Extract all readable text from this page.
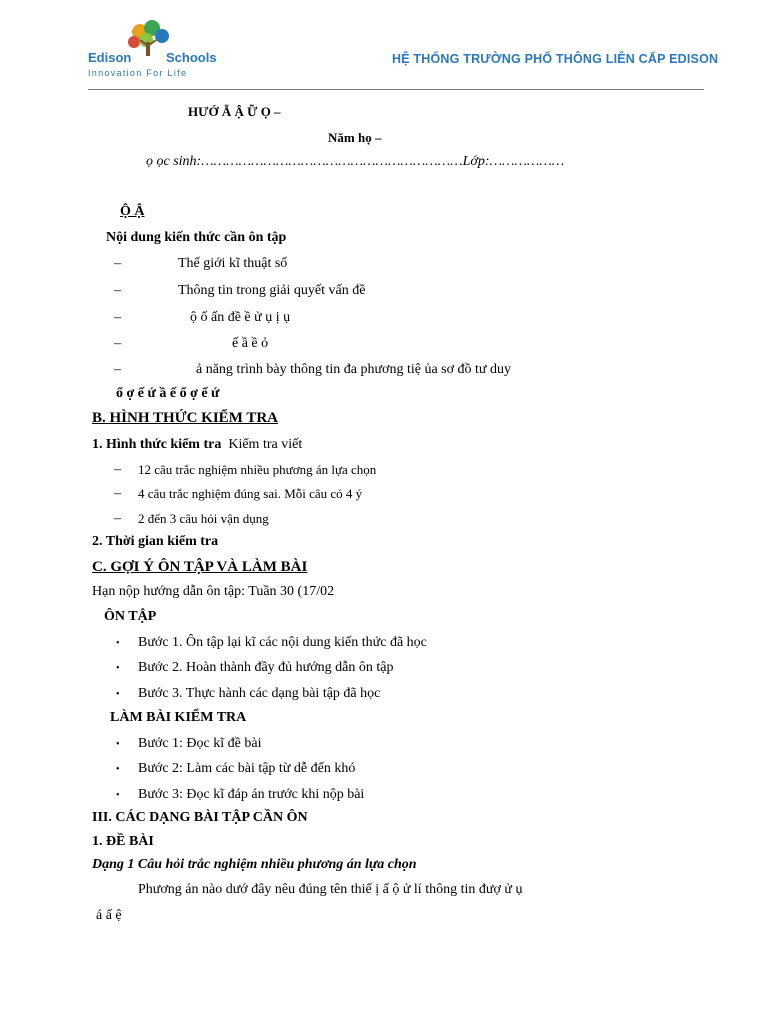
Edison	Schools
Innovation For Life
HỆ THỐNG TRƯỜNG PHỔ THÔNG LIÊN CẤP EDISON
HƯỚ Ẫ Ậ Ữ Ọ –
Năm họ –
ọ ọc sinh:………………………………………………………Lớp:………………
Ộ Ậ
Nội dung kiến thức cần ôn tập
–	Thế giới kĩ thuật số
–	Thông tin trong giải quyết vấn đề
–	ộ ố ấn đề ề ử ụ ị ụ
–	ế ầ ề ỏ
–	ả năng trình bày thông tin đa phương tiệ ủa sơ đồ tư duy
ổ ợ ế ứ ầ ế ổ ợ ế ứ
B. HÌNH THỨC KIỂM TRA
1. Hình thức kiểm tra Kiểm tra viết
– 12 câu trắc nghiệm nhiều phương án lựa chọn
– 4 câu trắc nghiệm đúng sai. Mỗi câu có 4 ý
– 2 đến 3 câu hỏi vận dụng
2. Thời gian kiểm tra
C. GỢI Ý ÔN TẬP VÀ LÀM BÀI
Hạn nộp hướng dẫn ôn tập: Tuần 30 (17/02
ÔN TẬP
• Bước 1. Ôn tập lại kĩ các nội dung kiến thức đã học
• Bước 2. Hoàn thành đầy đủ hướng dẫn ôn tập
• Bước 3. Thực hành các dạng bài tập đã học
LÀM BÀI KIỂM TRA
• Bước 1: Đọc kĩ đề bài
• Bước 2: Làm các bài tập từ dễ đến khó
• Bước 3: Đọc kĩ đáp án trước khi nộp bài
III. CÁC DẠNG BÀI TẬP CẦN ÔN
1. ĐỀ BÀI
Dạng 1 Câu hỏi trắc nghiệm nhiều phương án lựa chọn
Phương án nào dướ đây nêu đúng tên thiế ị ấ ộ ử lí thông tin đượ ử ụ
á ấ ệ
